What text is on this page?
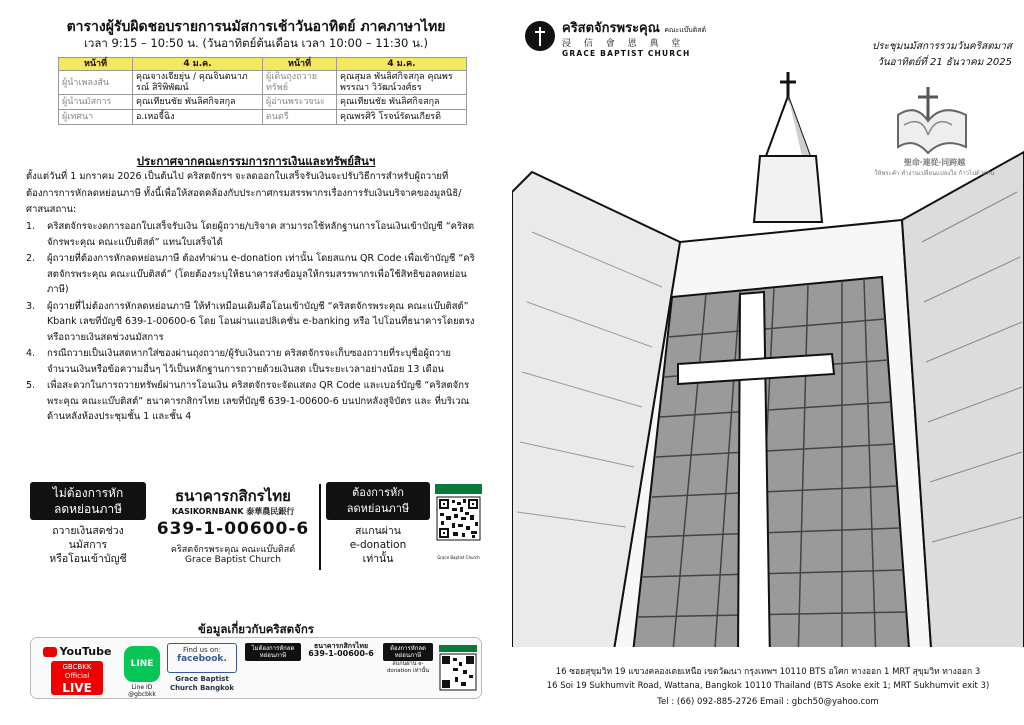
ตารางผู้รับผิดชอบรายการนมัสการเช้าวันอาทิตย์ ภาคภาษาไทย
เวลา 9:15 – 10:50 น. (วันอาทิตย์ต้นเดือน เวลา 10:00 – 11:30 น.)
หน้าที่	4 ม.ค.	หน้าที่	4 ม.ค.
ผู้นำเพลงสัน	คุณจางเจียยุ่น / คุณจินตนาภรณ์ สิริพิพัฒน์	ผู้เดินถุงถวายทรัพย์	คุณสุมล พันลิศกิจสกุล คุณพรพรรณา วิวัฒน์วงศ์ธร
ผู้นำนมัสการ	คุณเทียนชัย พันลิศกิจสกุล	ผู้อ่านพระวจนะ	คุณเทียนชัย พันลิศกิจสกุล
ผู้เทศนา	อ.เหอจี้ฉิง	ดนตรี	คุณพรศิริ โรจน์รัตนเกียรติ
ประกาศจากคณะกรรมการการเงินและทรัพย์สินฯ
ตั้งแต่วันที่ 1 มกราคม 2026 เป็นต้นไป คริสตจักรฯ จะลดออกใบเสร็จรับเงินจะปรับวิธีการสำหรับผู้ถวายที่ต้องการการหักลดหย่อนภาษี ทั้งนี้เพื่อให้สอดคล้องกับประกาศกรมสรรพากรเรื่องการรับเงินบริจาคของมูลนิธิ/ศาสนสถาน:
1. คริสตจักรจะงดการออกใบเสร็จรับเงิน โดยผู้ถวาย/บริจาค สามารถใช้หลักฐานการโอนเงินเข้าบัญชี “คริสตจักรพระคุณ คณะแบ๊บติสต์” แทนใบเสร็จได้
2. ผู้ถวายที่ต้องการหักลดหย่อนภาษี ต้องทำผ่าน e-donation เท่านั้น โดยสแกน QR Code เพื่อเข้าบัญชี “คริสตจักรพระคุณ คณะแบ๊บติสต์” (โดยต้องระบุให้ธนาคารส่งข้อมูลให้กรมสรรพากรเพื่อใช้สิทธิขอลดหย่อนภาษี)
3. ผู้ถวายที่ไม่ต้องการหักลดหย่อนภาษี ให้ทำเหมือนเดิมคือโอนเข้าบัญชี “คริสตจักรพระคุณ คณะแบ๊บติสต์” Kbank เลขที่บัญชี 639-1-00600-6 โดย โอนผ่านแอปลิเคชั่น e-banking หรือ ไปโอนที่ธนาคารโดยตรง หรือถวายเงินสดช่วงนมัสการ
4. กรณีถวายเป็นเงินสดหากใส่ซองผ่านถุงถวาย/ผู้รับเงินถวาย คริสตจักรจะเก็บซองถวายที่ระบุชื่อผู้ถวาย จำนวนเงินหรือข้อความอื่นๆ ไว้เป็นหลักฐานการถวายด้วยเงินสด เป็นระยะเวลาอย่างน้อย 13 เดือน
5. เพื่อสะดวกในการถวายทรัพย์ผ่านการโอนเงิน คริสตจักรจะจัดแสดง QR Code และเบอร์บัญชี “คริสตจักรพระคุณ คณะแบ๊บติสต์” ธนาคารกสิกรไทย เลขที่บัญชี 639-1-00600-6 บนปกหลังสูจิบัตร และ ที่บริเวณด้านหลังห้องประชุมชั้น 1 และชั้น 4
ไม่ต้องการหัก
ลดหย่อนภาษี
ถวายเงินสดช่วง
นมัสการ
หรือโอนเข้าบัญชี
ธนาคารกสิกรไทย
KASIKORNBANK 泰華農民銀行
639-1-00600-6
คริสตจักรพระคุณ คณะแบ๊บติสต์
Grace Baptist Church
ต้องการหัก
ลดหย่อนภาษี
สแกนผ่าน
e-donation
เท่านั้น	Grace Baptist Church
ข้อมูลเกี่ยวกับคริสตจักร
YouTube
GBCBKK Official
LIVE
LINE
Line ID @gbcbkk
Find us on:
facebook.
Grace Baptist Church Bangkok
ไม่ต้องการหักลดหย่อนภาษี
ธนาคารกสิกรไทย
639-1-00600-6
ต้องการหักลดหย่อนภาษี
สแกนผ่าน e-donation เท่านั้น
คริสตจักรพระคุณ คณะแบ๊บติสต์
浸 信 會 恩 典 堂
GRACE BAPTIST CHURCH
ประชุมนมัสการรวมวันคริสตมาส
วันอาทิตย์ที่ 21 ธันวาคม 2025
聖命‧連從‧同跨越
ให้พระคำ ทำงานเปลี่ยนแปลงใจ ก้าวไปด้วยกัน
16 ซอยสุขุมวิท 19 แขวงคลองเตยเหนือ เขตวัฒนา กรุงเทพฯ 10110 BTS อโศก ทางออก 1 MRT สุขุมวิท ทางออก 3
16 Soi 19 Sukhumvit Road, Wattana, Bangkok 10110 Thailand (BTS Asoke exit 1; MRT Sukhumvit exit 3)
Tel : (66) 092-885-2726 Email : gbch50@yahoo.com
